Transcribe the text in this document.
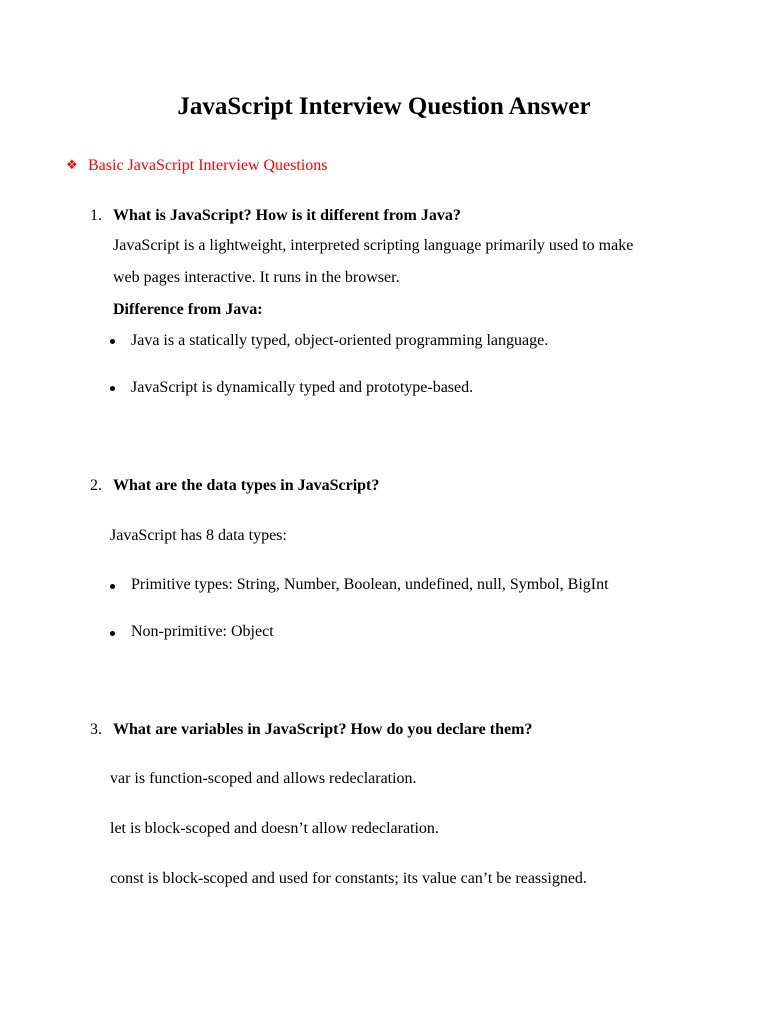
JavaScript Interview Question Answer
❖ Basic JavaScript Interview Questions
1. What is JavaScript? How is it different from Java?
JavaScript is a lightweight, interpreted scripting language primarily used to make
web pages interactive. It runs in the browser.
Difference from Java:
Java is a statically typed, object-oriented programming language.
JavaScript is dynamically typed and prototype-based.
2. What are the data types in JavaScript?
JavaScript has 8 data types:
Primitive types: String, Number, Boolean, undefined, null, Symbol, BigInt
Non-primitive: Object
3. What are variables in JavaScript? How do you declare them?
var is function-scoped and allows redeclaration.
let is block-scoped and doesn’t allow redeclaration.
const is block-scoped and used for constants; its value can’t be reassigned.
